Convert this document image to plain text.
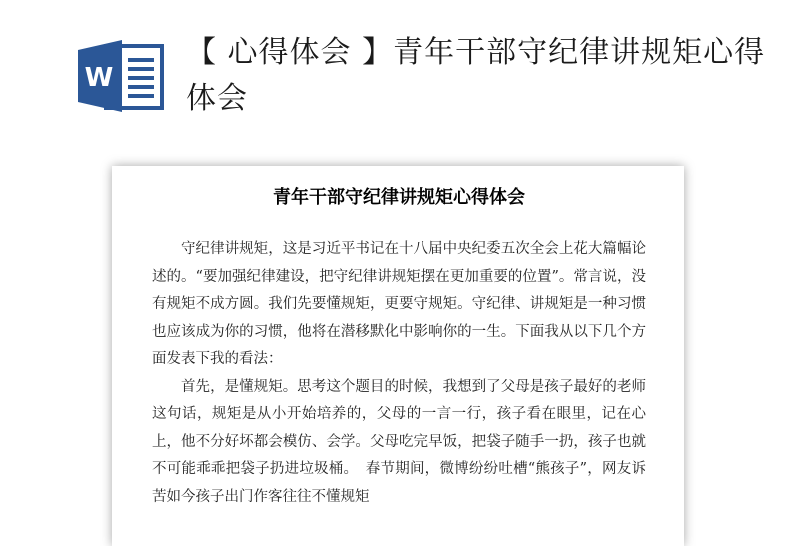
W
【 心得体会 】青年干部守纪律讲规矩心得体会
青年干部守纪律讲规矩心得体会

守纪律讲规矩，这是习近平书记在十八届中央纪委五次全会上花大篇幅论述的。“要加强纪律建设，把守纪律讲规矩摆在更加重要的位置”。常言说，没有规矩不成方圆。我们先要懂规矩，更要守规矩。守纪律、讲规矩是一种习惯也应该成为你的习惯，他将在潜移默化中影响你的一生。下面我从以下几个方面发表下我的看法：

首先，是懂规矩。思考这个题目的时候，我想到了父母是孩子最好的老师这句话，规矩是从小开始培养的，父母的一言一行，孩子看在眼里，记在心上，他不分好坏都会模仿、会学。父母吃完早饭，把袋子随手一扔，孩子也就不可能乖乖把袋子扔进垃圾桶。　春节期间，微博纷纷吐槽“熊孩子”，网友诉苦如今孩子出门作客往往不懂规矩
